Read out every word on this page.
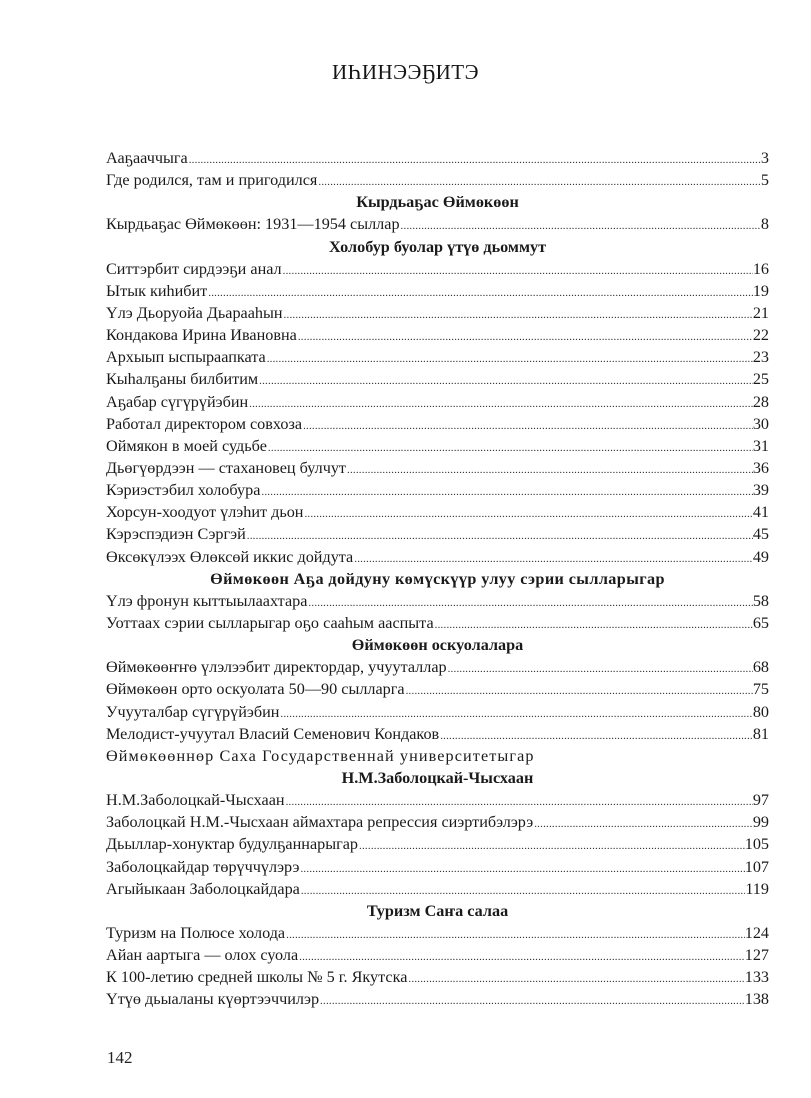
ИҺИНЭЭҔИТЭ
Ааҕааччыга .....	3
Где родился, там и пригодился .....	5
Кырдьаҕас Өймөкөөн
Кырдьаҕас Өймөкөөн: 1931—1954 сыллар .....	8
Холобур буолар үтүө дьоммут
Ситтэрбит сирдээҕи анал .....	16
Ытык киһибит .....	19
Үлэ Дьоруойа Дьарааһын .....	21
Кондакова Ирина Ивановна .....	22
Архыып ыспыраапката .....	23
Кыһалҕаны билбитим .....	25
Аҕабар сүгүрүйэбин .....	28
Работал директором совхоза .....	30
Оймякон в моей судьбе .....	31
Дьөгүөрдээн — стахановец булчут .....	36
Кэриэстэбил холобура .....	39
Хорсун-хоодуот үлэһит дьон .....	41
Кэрэспэдиэн Сэргэй .....	45
Өксөкүлээх Өлөксөй иккис дойдута .....	49
Өймөкөөн Аҕа дойдуну көмүскүүр улуу сэрии сылларыгар
Үлэ фронун кыттыылаахтара .....	58
Уоттаах сэрии сылларыгар оҕо сааһым ааспыта .....	65
Өймөкөөн оскуолалара
Өймөкөөҥҥө үлэлээбит директордар, учууталлар .....	68
Өймөкөөн орто оскуолата 50—90 сылларга .....	75
Учууталбар сүгүрүйэбин .....	80
Мелодист-учуутал Власий Семенович Кондаков .....	81
Өймөкөөннөр Саха Государственнай университетыгар
Н.М.Заболоцкай-Чысхаан
Н.М.Заболоцкай-Чысхаан .....	97
Заболоцкай Н.М.-Чысхаан аймахтара репрессия сиэртибэлэрэ .....	99
Дьыллар-хонуктар будулҕаннарыгар .....	105
Заболоцкайдар төрүччүлэрэ .....	107
Агыйыкаан Заболоцкайдара .....	119
Туризм Саҥа салаа
Туризм на Полюсе холода .....	124
Айан аартыга — олох суола .....	127
К 100-летию средней школы № 5 г. Якутска .....	133
Үтүө дьыаланы күөртээччилэр .....	138
142
